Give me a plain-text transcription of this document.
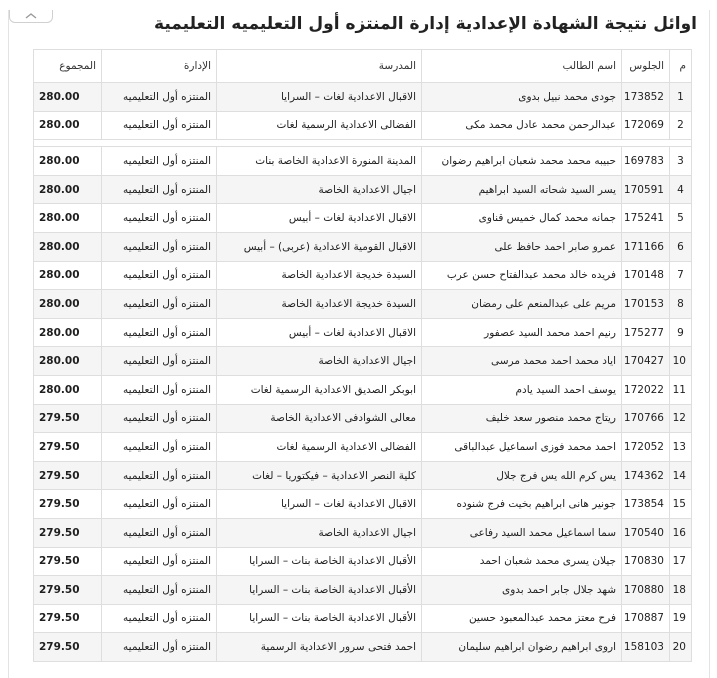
اوائل نتيجة الشهادة الإعدادية إدارة المنتزه أول التعليميه التعليمية
م	الجلوس	اسم الطالب	المدرسة	الإدارة	المجموع
1	173852	جودى محمد نبيل بدوى	الاقبال الاعدادية لغات – السرايا	المنتزه أول التعليميه	280.00
2	172069	عبدالرحمن محمد عادل محمد مكى	الفضالى الاعدادية الرسمية لغات	المنتزه أول التعليميه	280.00

3	169783	حبيبه محمد محمد شعبان ابراهيم رضوان	المدينة المنورة الاعدادية الخاصة بنات	المنتزه أول التعليميه	280.00
4	170591	يسر السيد شحاته السيد ابراهيم	اجيال الاعدادية الخاصة	المنتزه أول التعليميه	280.00
5	175241	جمانه محمد كمال خميس قناوى	الاقبال الاعدادية لغات – أبيس	المنتزه أول التعليميه	280.00
6	171166	عمرو صابر احمد حافظ على	الاقبال القومية الاعدادية (عربى) – أبيس	المنتزه أول التعليميه	280.00
7	170148	فريده خالد محمد عبدالفتاح حسن عرب	السيدة خديجة الاعدادية الخاصة	المنتزه أول التعليميه	280.00
8	170153	مريم على عبدالمنعم على رمضان	السيدة خديجة الاعدادية الخاصة	المنتزه أول التعليميه	280.00
9	175277	رنيم احمد محمد السيد عصفور	الاقبال الاعدادية لغات – أبيس	المنتزه أول التعليميه	280.00
10	170427	اياد محمد احمد محمد مرسى	اجيال الاعدادية الخاصة	المنتزه أول التعليميه	280.00
11	172022	يوسف احمد السيد يادم	ابوبكر الصديق الاعدادية الرسمية لغات	المنتزه أول التعليميه	280.00
12	170766	ريتاج محمد منصور سعد خليف	معالى الشوادفى الاعدادية الخاصة	المنتزه أول التعليميه	279.50
13	172052	احمد محمد فوزى اسماعيل عبدالباقى	الفضالى الاعدادية الرسمية لغات	المنتزه أول التعليميه	279.50
14	174362	يس كرم الله يس فرج جلال	كلية النصر الاعدادية – فيكتوريا – لغات	المنتزه أول التعليميه	279.50
15	173854	جونير هانى ابراهيم بخيت فرج شنوده	الاقبال الاعدادية لغات – السرايا	المنتزه أول التعليميه	279.50
16	170540	سما اسماعيل محمد السيد رفاعى	اجيال الاعدادية الخاصة	المنتزه أول التعليميه	279.50
17	170830	جيلان يسرى محمد شعبان احمد	الأقبال الاعدادية الخاصة بنات – السرايا	المنتزه أول التعليميه	279.50
18	170880	شهد جلال جابر احمد بدوى	الأقبال الاعدادية الخاصة بنات – السرايا	المنتزه أول التعليميه	279.50
19	170887	فرح معتز محمد عبدالمعبود حسين	الأقبال الاعدادية الخاصة بنات – السرايا	المنتزه أول التعليميه	279.50
20	158103	اروى ابراهيم رضوان ابراهيم سليمان	احمد فتحى سرور الاعدادية الرسمية	المنتزه أول التعليميه	279.50
